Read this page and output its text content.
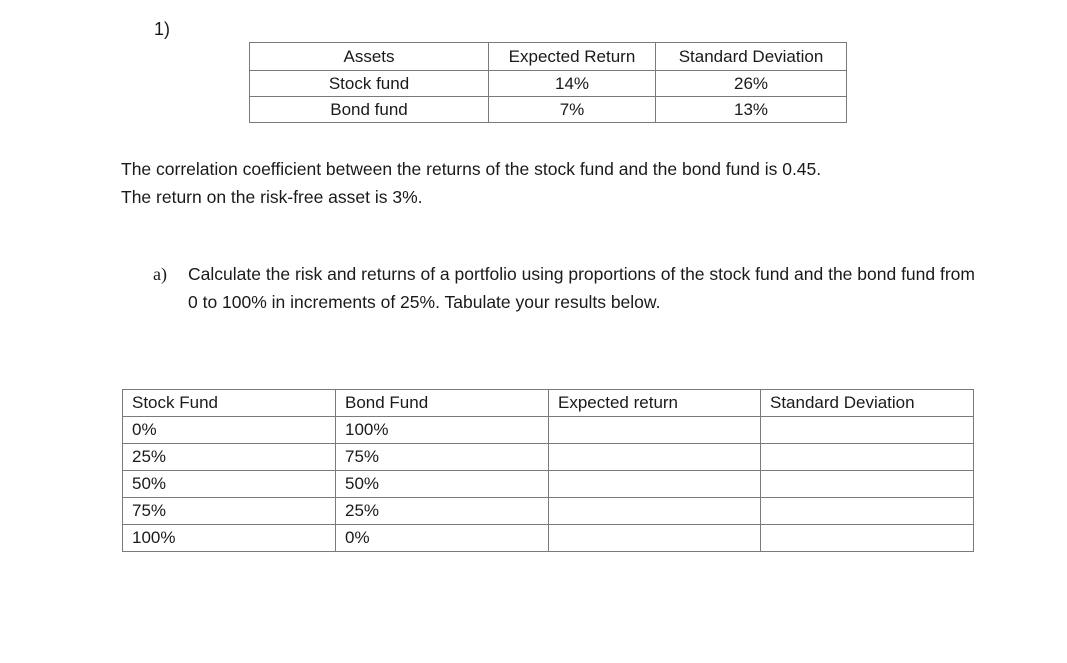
1)
Assets	Expected Return	Standard Deviation
Stock fund	14%	26%
Bond fund	7%	13%
The correlation coefficient between the returns of the stock fund and the bond fund is 0.45.
The return on the risk-free asset is 3%.
a) Calculate the risk and returns of a portfolio using proportions of the stock fund and the bond fund from 0 to 100% in increments of 25%. Tabulate your results below.
Stock Fund	Bond Fund	Expected return	Standard Deviation
0%	100%		
25%	75%		
50%	50%		
75%	25%		
100%	0%		
